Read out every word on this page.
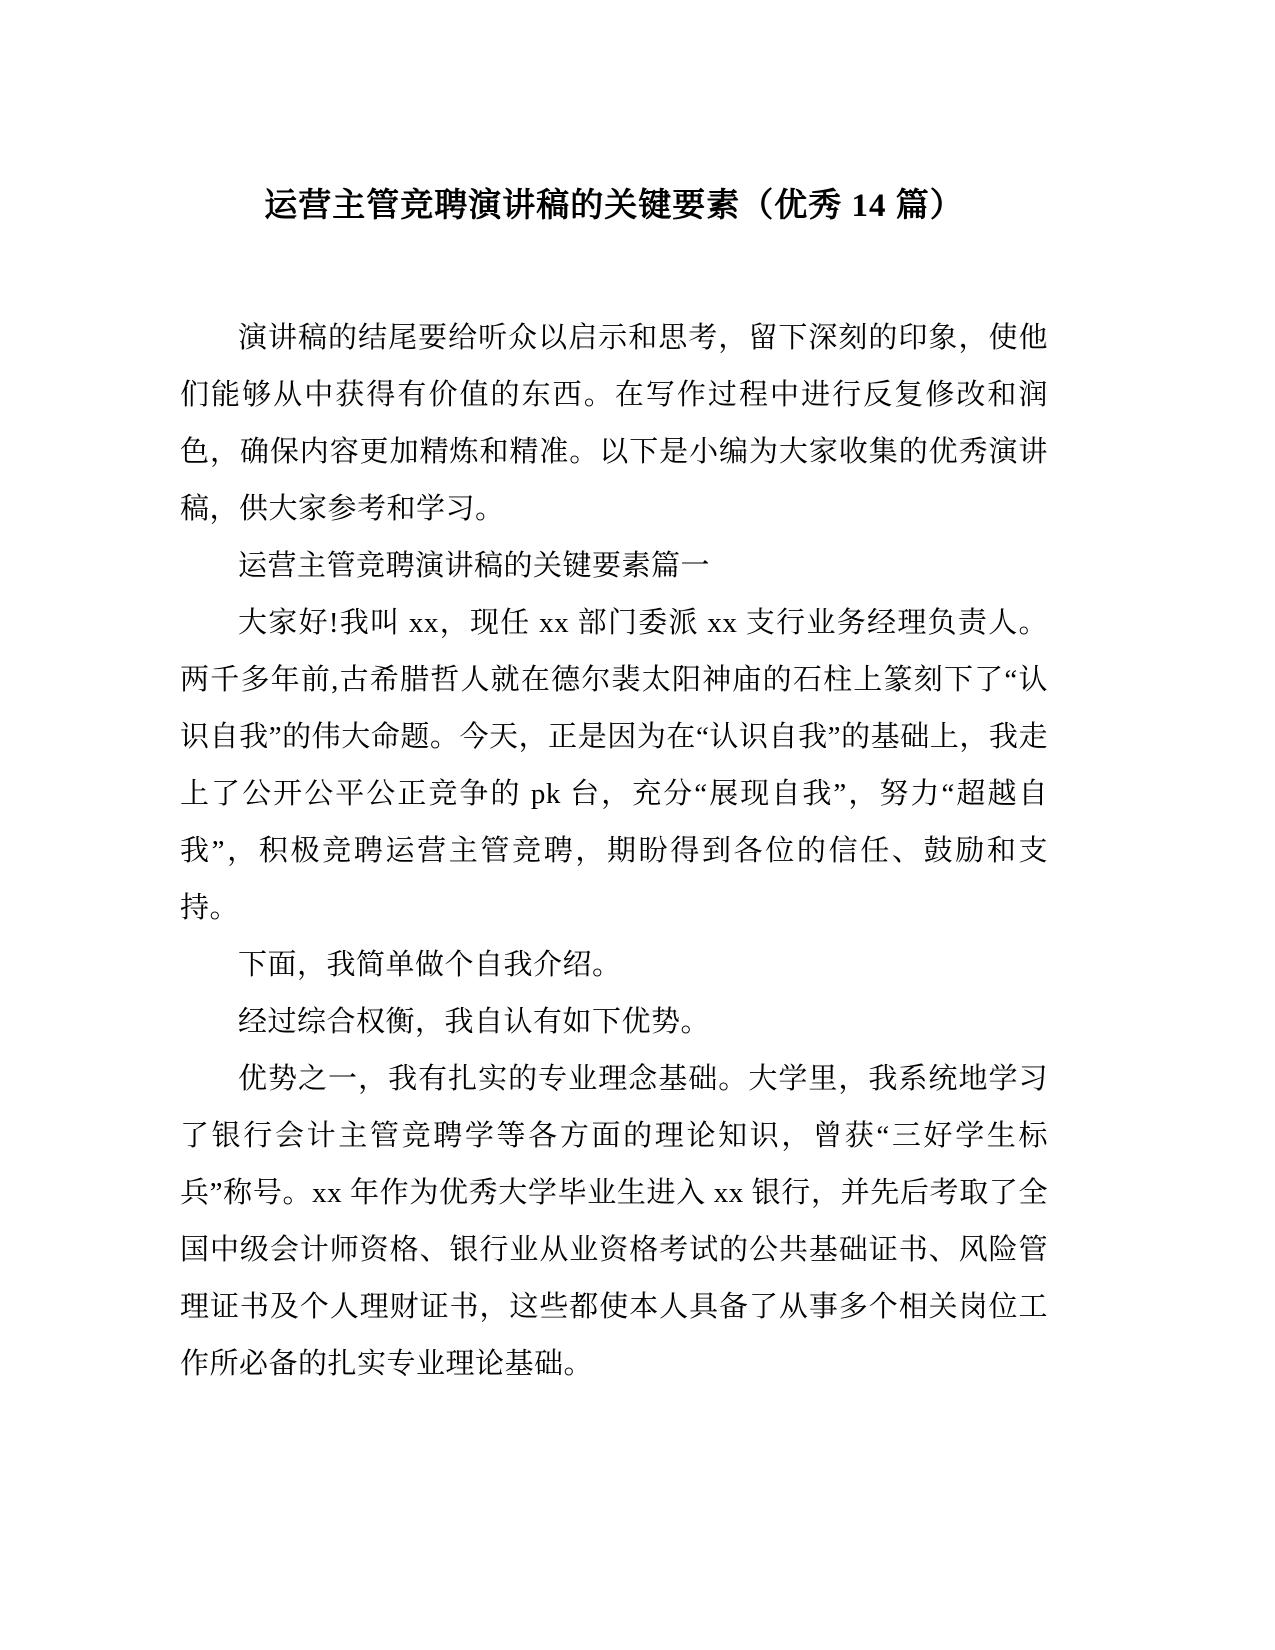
运营主管竞聘演讲稿的关键要素（优秀 14 篇）

演讲稿的结尾要给听众以启示和思考，留下深刻的印象，使他们能够从中获得有价值的东西。在写作过程中进行反复修改和润色，确保内容更加精炼和精准。以下是小编为大家收集的优秀演讲稿，供大家参考和学习。

运营主管竞聘演讲稿的关键要素篇一

大家好!我叫 xx，现任 xx 部门委派 xx 支行业务经理负责人。两千多年前,古希腊哲人就在德尔裴太阳神庙的石柱上篆刻下了“认识自我”的伟大命题。今天，正是因为在“认识自我”的基础上，我走上了公开公平公正竞争的 pk 台，充分“展现自我”，努力“超越自我”，积极竞聘运营主管竞聘，期盼得到各位的信任、鼓励和支持。

下面，我简单做个自我介绍。

经过综合权衡，我自认有如下优势。

优势之一，我有扎实的专业理念基础。大学里，我系统地学习了银行会计主管竞聘学等各方面的理论知识，曾获“三好学生标兵”称号。xx 年作为优秀大学毕业生进入 xx 银行，并先后考取了全国中级会计师资格、银行业从业资格考试的公共基础证书、风险管理证书及个人理财证书，这些都使本人具备了从事多个相关岗位工作所必备的扎实专业理论基础。
